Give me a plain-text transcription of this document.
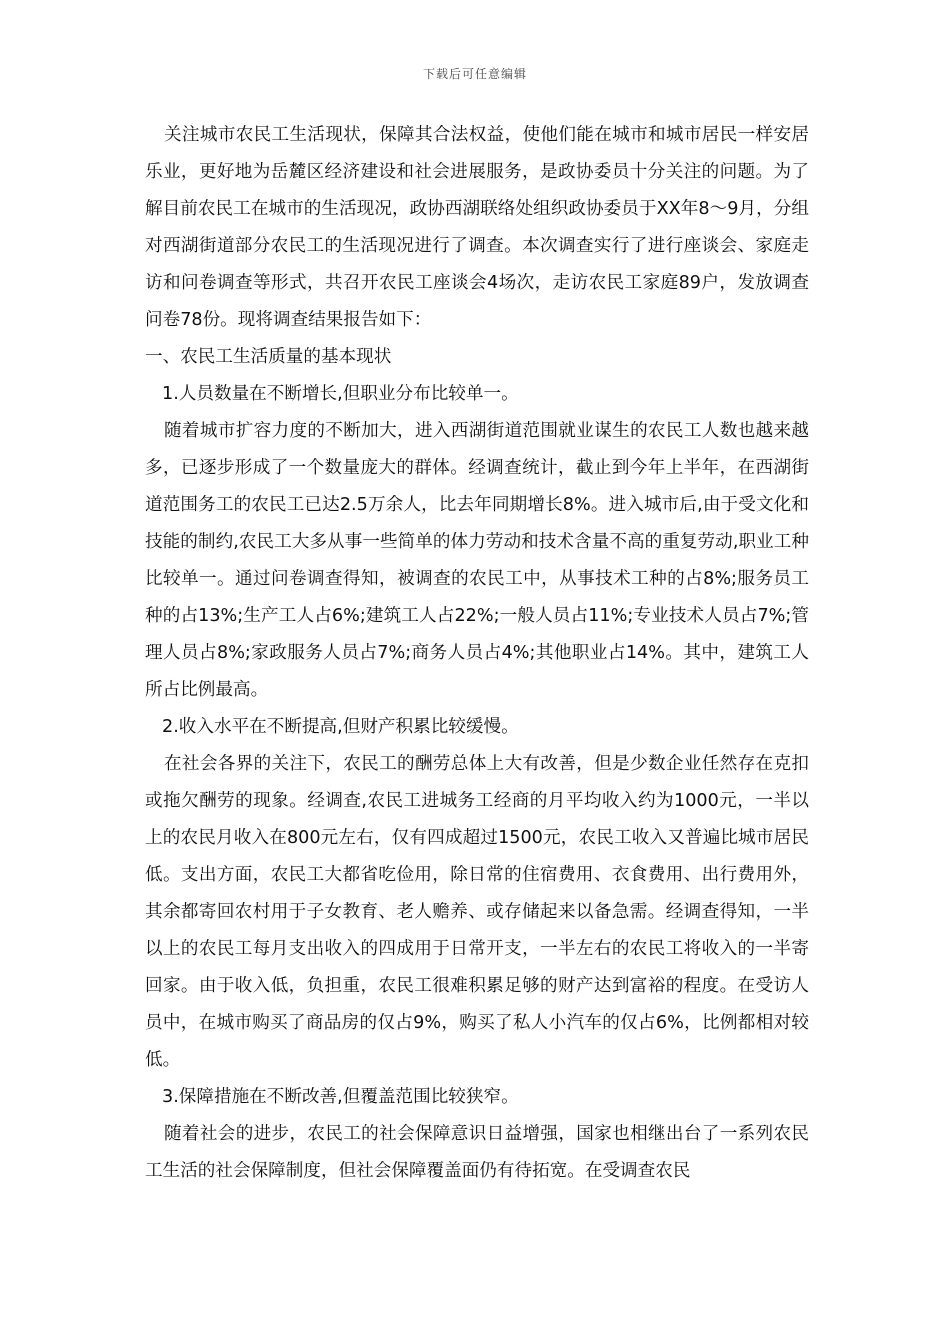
下载后可任意编辑

关注城市农民工生活现状，保障其合法权益，使他们能在城市和城市居民一样安居乐业，更好地为岳麓区经济建设和社会进展服务，是政协委员十分关注的问题。为了解目前农民工在城市的生活现况，政协西湖联络处组织政协委员于XX年8～9月，分组对西湖街道部分农民工的生活现况进行了调查。本次调查实行了进行座谈会、家庭走访和问卷调查等形式，共召开农民工座谈会4场次，走访农民工家庭89户，发放调查问卷78份。现将调查结果报告如下：

一、农民工生活质量的基本现状

1.人员数量在不断增长,但职业分布比较单一。

随着城市扩容力度的不断加大，进入西湖街道范围就业谋生的农民工人数也越来越多，已逐步形成了一个数量庞大的群体。经调查统计，截止到今年上半年，在西湖街道范围务工的农民工已达2.5万余人，比去年同期增长8%。进入城市后,由于受文化和技能的制约,农民工大多从事一些简单的体力劳动和技术含量不高的重复劳动,职业工种比较单一。通过问卷调查得知，被调查的农民工中，从事技术工种的占8%;服务员工种的占13%;生产工人占6%;建筑工人占22%;一般人员占11%;专业技术人员占7%;管理人员占8%;家政服务人员占7%;商务人员占4%;其他职业占14%。其中，建筑工人所占比例最高。

2.收入水平在不断提高,但财产积累比较缓慢。

在社会各界的关注下，农民工的酬劳总体上大有改善，但是少数企业任然存在克扣或拖欠酬劳的现象。经调查,农民工进城务工经商的月平均收入约为1000元，一半以上的农民月收入在800元左右，仅有四成超过1500元，农民工收入又普遍比城市居民低。支出方面，农民工大都省吃俭用，除日常的住宿费用、衣食费用、出行费用外，其余都寄回农村用于子女教育、老人赡养、或存储起来以备急需。经调查得知，一半以上的农民工每月支出收入的四成用于日常开支，一半左右的农民工将收入的一半寄回家。由于收入低，负担重，农民工很难积累足够的财产达到富裕的程度。在受访人员中，在城市购买了商品房的仅占9%，购买了私人小汽车的仅占6%，比例都相对较低。

3.保障措施在不断改善,但覆盖范围比较狭窄。

随着社会的进步，农民工的社会保障意识日益增强，国家也相继出台了一系列农民工生活的社会保障制度，但社会保障覆盖面仍有待拓宽。在受调查农民
